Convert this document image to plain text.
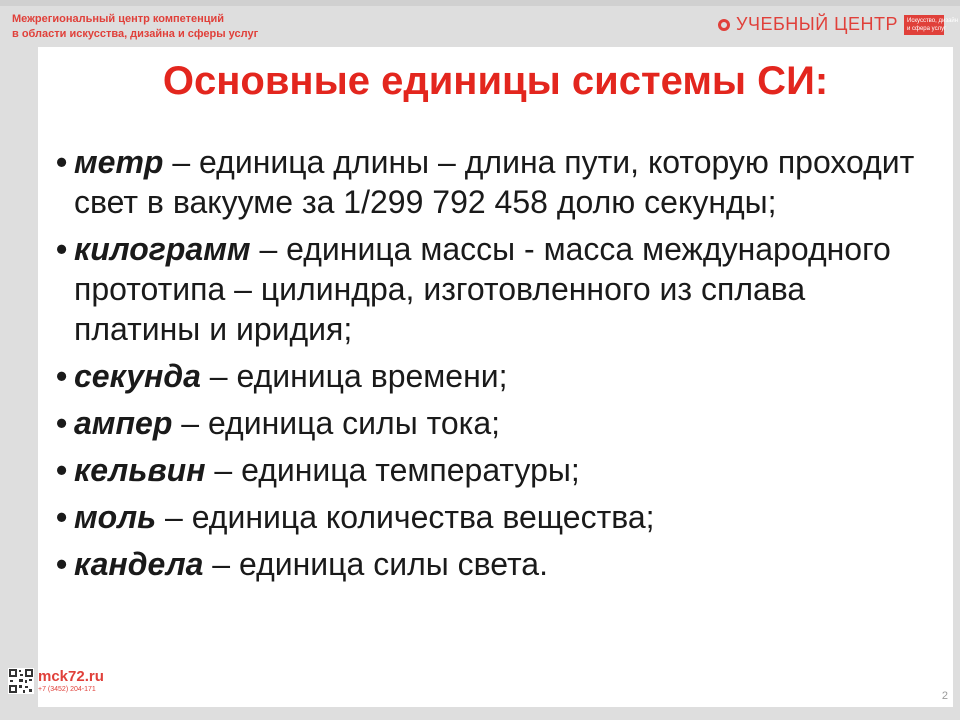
Межрегиональный центр компетенций
в области искусства, дизайна и сферы услуг	УЧЕБНЫЙ ЦЕНТР Искусство, дизайн
и сфера услуг
Основные единицы системы СИ:
• метр – единица длины – длина пути, которую проходит свет в вакууме за 1/299 792 458 долю секунды;
• килограмм – единица массы - масса международного прототипа – цилиндра, изготовленного из сплава платины и иридия;
• секунда – единица времени;
• ампер – единица силы тока;
• кельвин – единица температуры;
• моль – единица количества вещества;
• кандела – единица силы света.
mck72.ru
+7 (3452) 204-171
2
